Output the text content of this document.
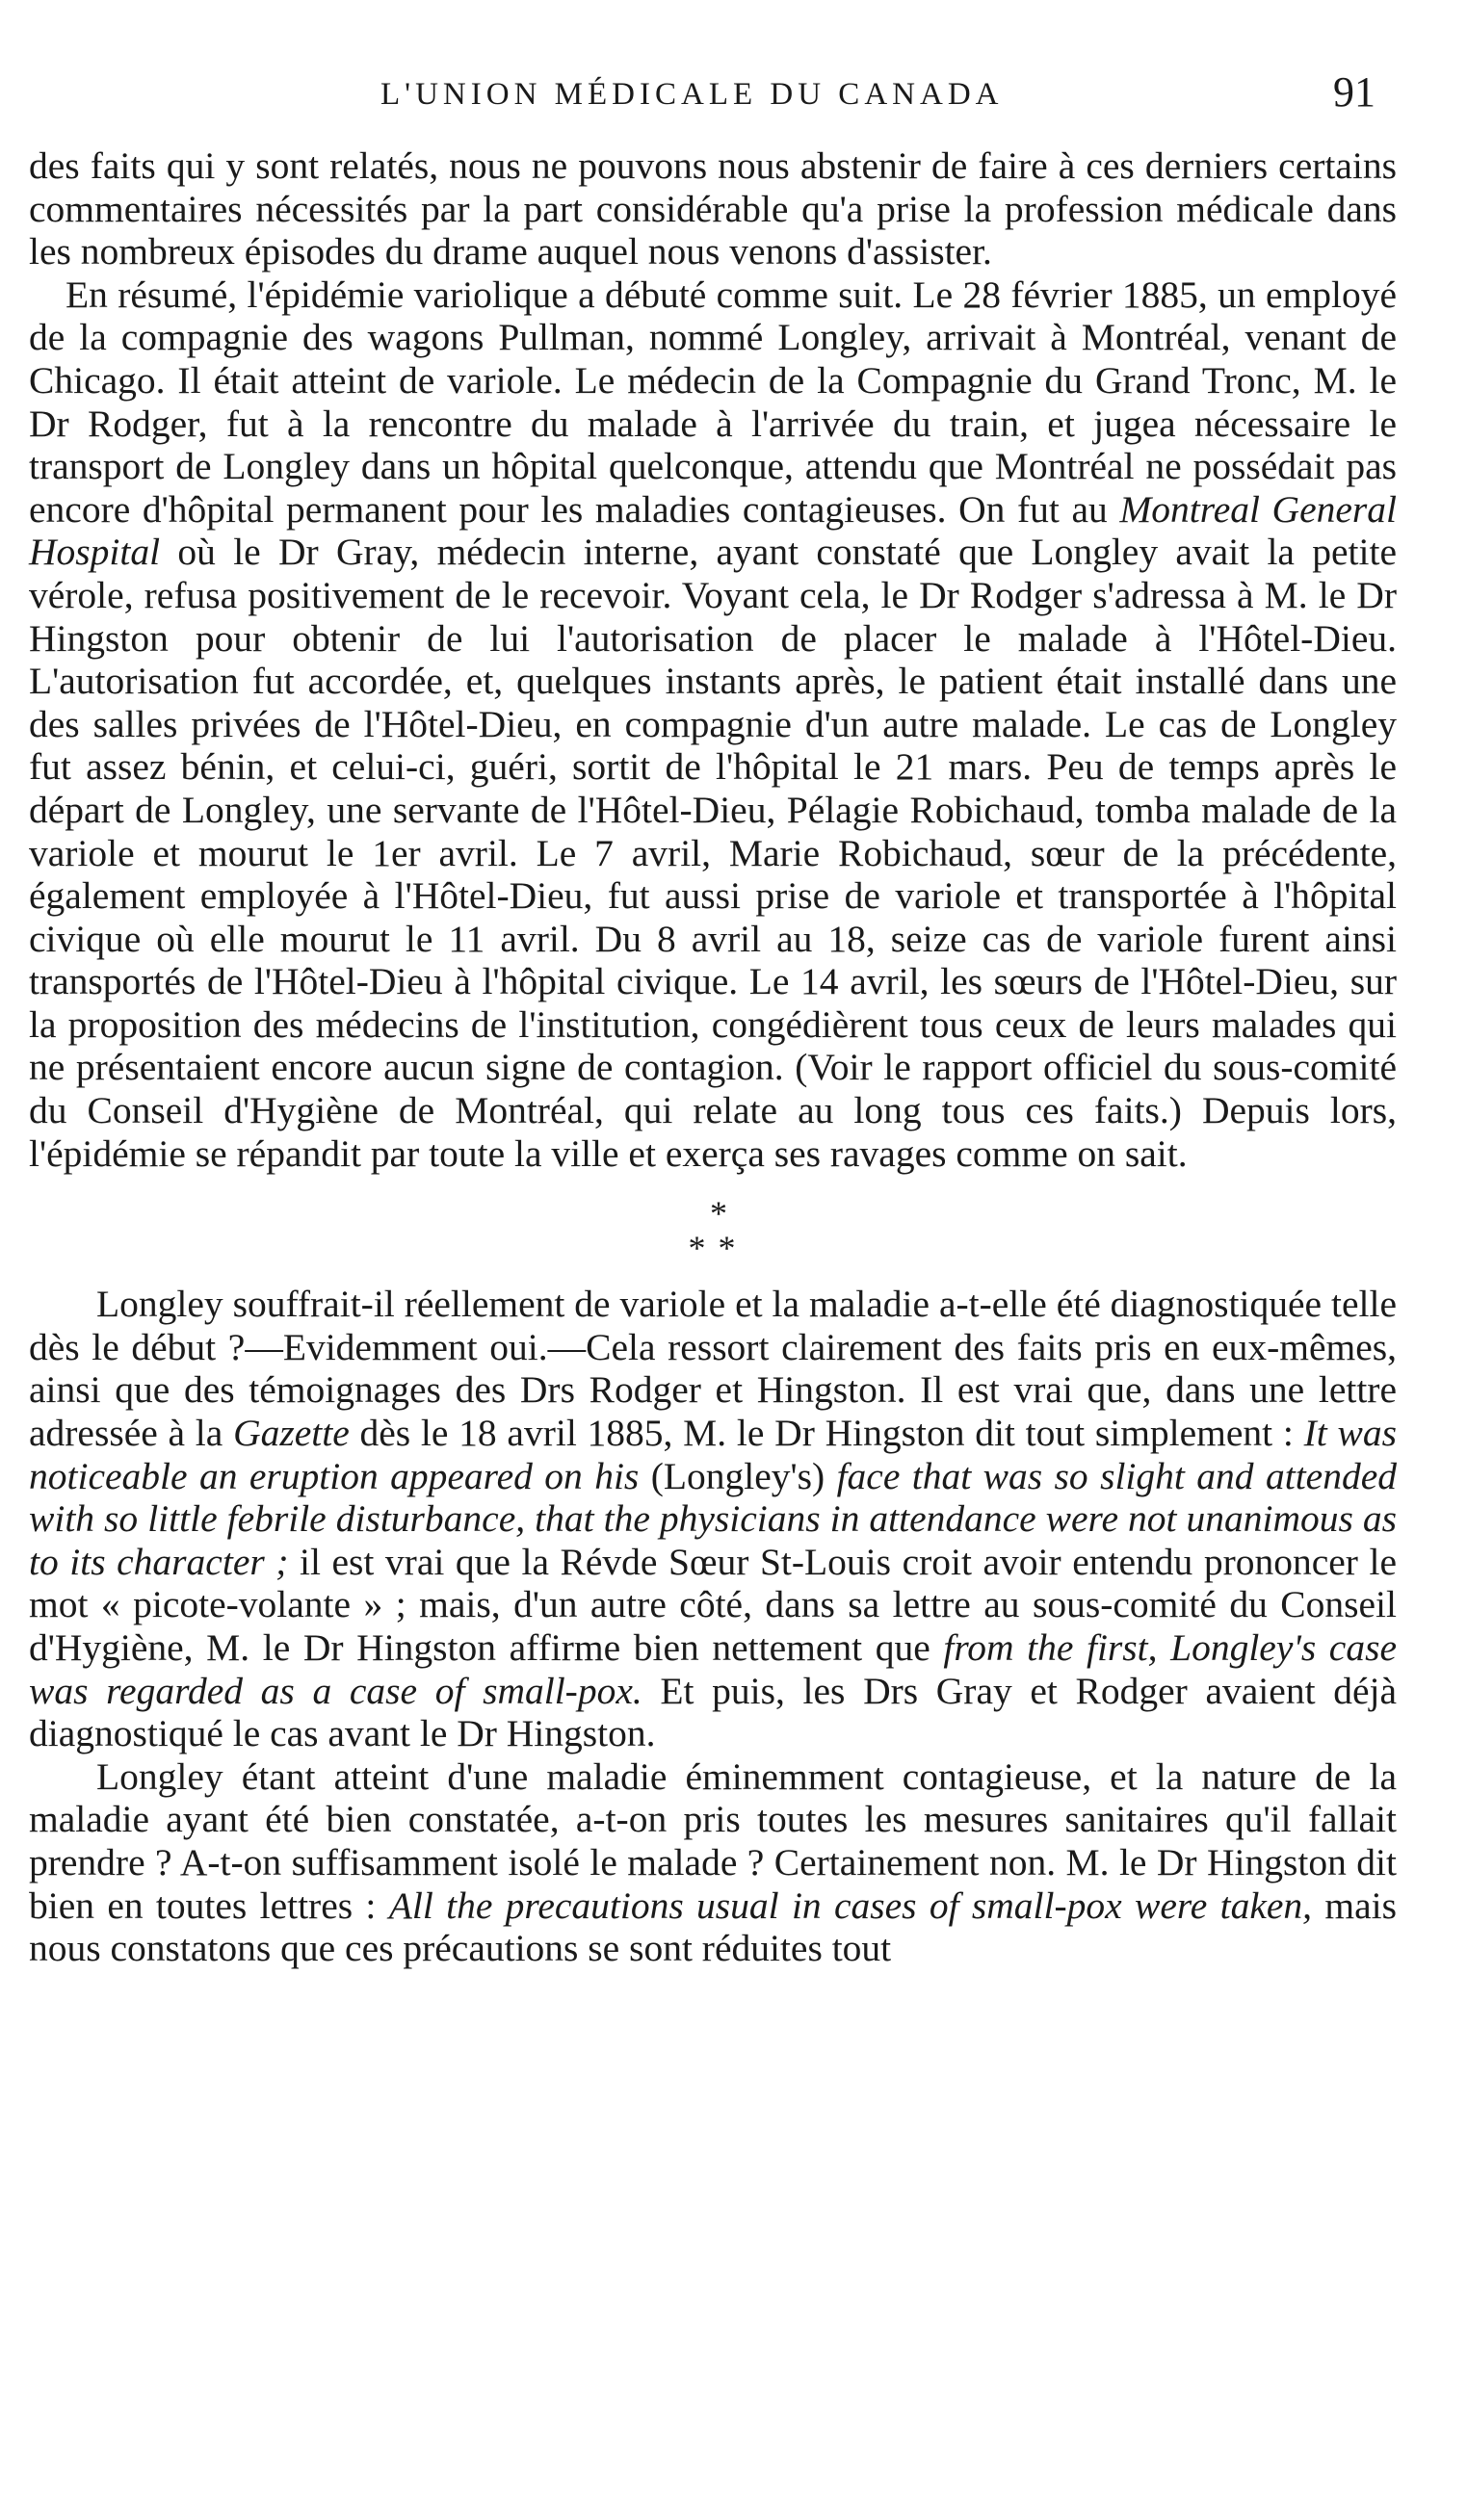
L'UNION MÉDICALE DU CANADA	91

des faits qui y sont relatés, nous ne pouvons nous abstenir de faire à ces derniers certains commentaires nécessités par la part considérable qu'a prise la profession médicale dans les nombreux épisodes du drame auquel nous venons d'assister.

En résumé, l'épidémie variolique a débuté comme suit. Le 28 février 1885, un employé de la compagnie des wagons Pullman, nommé Longley, arrivait à Montréal, venant de Chicago. Il était atteint de variole. Le médecin de la Compagnie du Grand Tronc, M. le Dr Rodger, fut à la rencontre du malade à l'arrivée du train, et jugea nécessaire le transport de Longley dans un hôpital quelconque, attendu que Montréal ne possédait pas encore d'hôpital permanent pour les maladies contagieuses. On fut au Montreal General Hospital où le Dr Gray, médecin interne, ayant constaté que Longley avait la petite vérole, refusa positivement de le recevoir. Voyant cela, le Dr Rodger s'adressa à M. le Dr Hingston pour obtenir de lui l'autorisation de placer le malade à l'Hôtel-Dieu. L'autorisation fut accordée, et, quelques instants après, le patient était installé dans une des salles privées de l'Hôtel-Dieu, en compagnie d'un autre malade. Le cas de Longley fut assez bénin, et celui-ci, guéri, sortit de l'hôpital le 21 mars. Peu de temps après le départ de Longley, une servante de l'Hôtel-Dieu, Pélagie Robichaud, tomba malade de la variole et mourut le 1er avril. Le 7 avril, Marie Robichaud, sœur de la précédente, également employée à l'Hôtel-Dieu, fut aussi prise de variole et transportée à l'hôpital civique où elle mourut le 11 avril. Du 8 avril au 18, seize cas de variole furent ainsi transportés de l'Hôtel-Dieu à l'hôpital civique. Le 14 avril, les sœurs de l'Hôtel-Dieu, sur la proposition des médecins de l'institution, congédièrent tous ceux de leurs malades qui ne présentaient encore aucun signe de contagion. (Voir le rapport officiel du sous-comité du Conseil d'Hygiène de Montréal, qui relate au long tous ces faits.) Depuis lors, l'épidémie se répandit par toute la ville et exerça ses ravages comme on sait.

*
* *

Longley souffrait-il réellement de variole et la maladie a-t-elle été diagnostiquée telle dès le début ?—Evidemment oui.—Cela ressort clairement des faits pris en eux-mêmes, ainsi que des témoignages des Drs Rodger et Hingston. Il est vrai que, dans une lettre adressée à la Gazette dès le 18 avril 1885, M. le Dr Hingston dit tout simplement : It was noticeable an eruption appeared on his (Longley's) face that was so slight and attended with so little febrile disturbance, that the physicians in attendance were not unanimous as to its character ; il est vrai que la Révde Sœur St-Louis croit avoir entendu prononcer le mot « picote-volante » ; mais, d'un autre côté, dans sa lettre au sous-comité du Conseil d'Hygiène, M. le Dr Hingston affirme bien nettement que from the first, Longley's case was regarded as a case of small-pox. Et puis, les Drs Gray et Rodger avaient déjà diagnostiqué le cas avant le Dr Hingston.

Longley étant atteint d'une maladie éminemment contagieuse, et la nature de la maladie ayant été bien constatée, a-t-on pris toutes les mesures sanitaires qu'il fallait prendre ? A-t-on suffisamment isolé le malade ? Certainement non. M. le Dr Hingston dit bien en toutes lettres : All the precautions usual in cases of small-pox were taken, mais nous constatons que ces précautions se sont réduites tout
